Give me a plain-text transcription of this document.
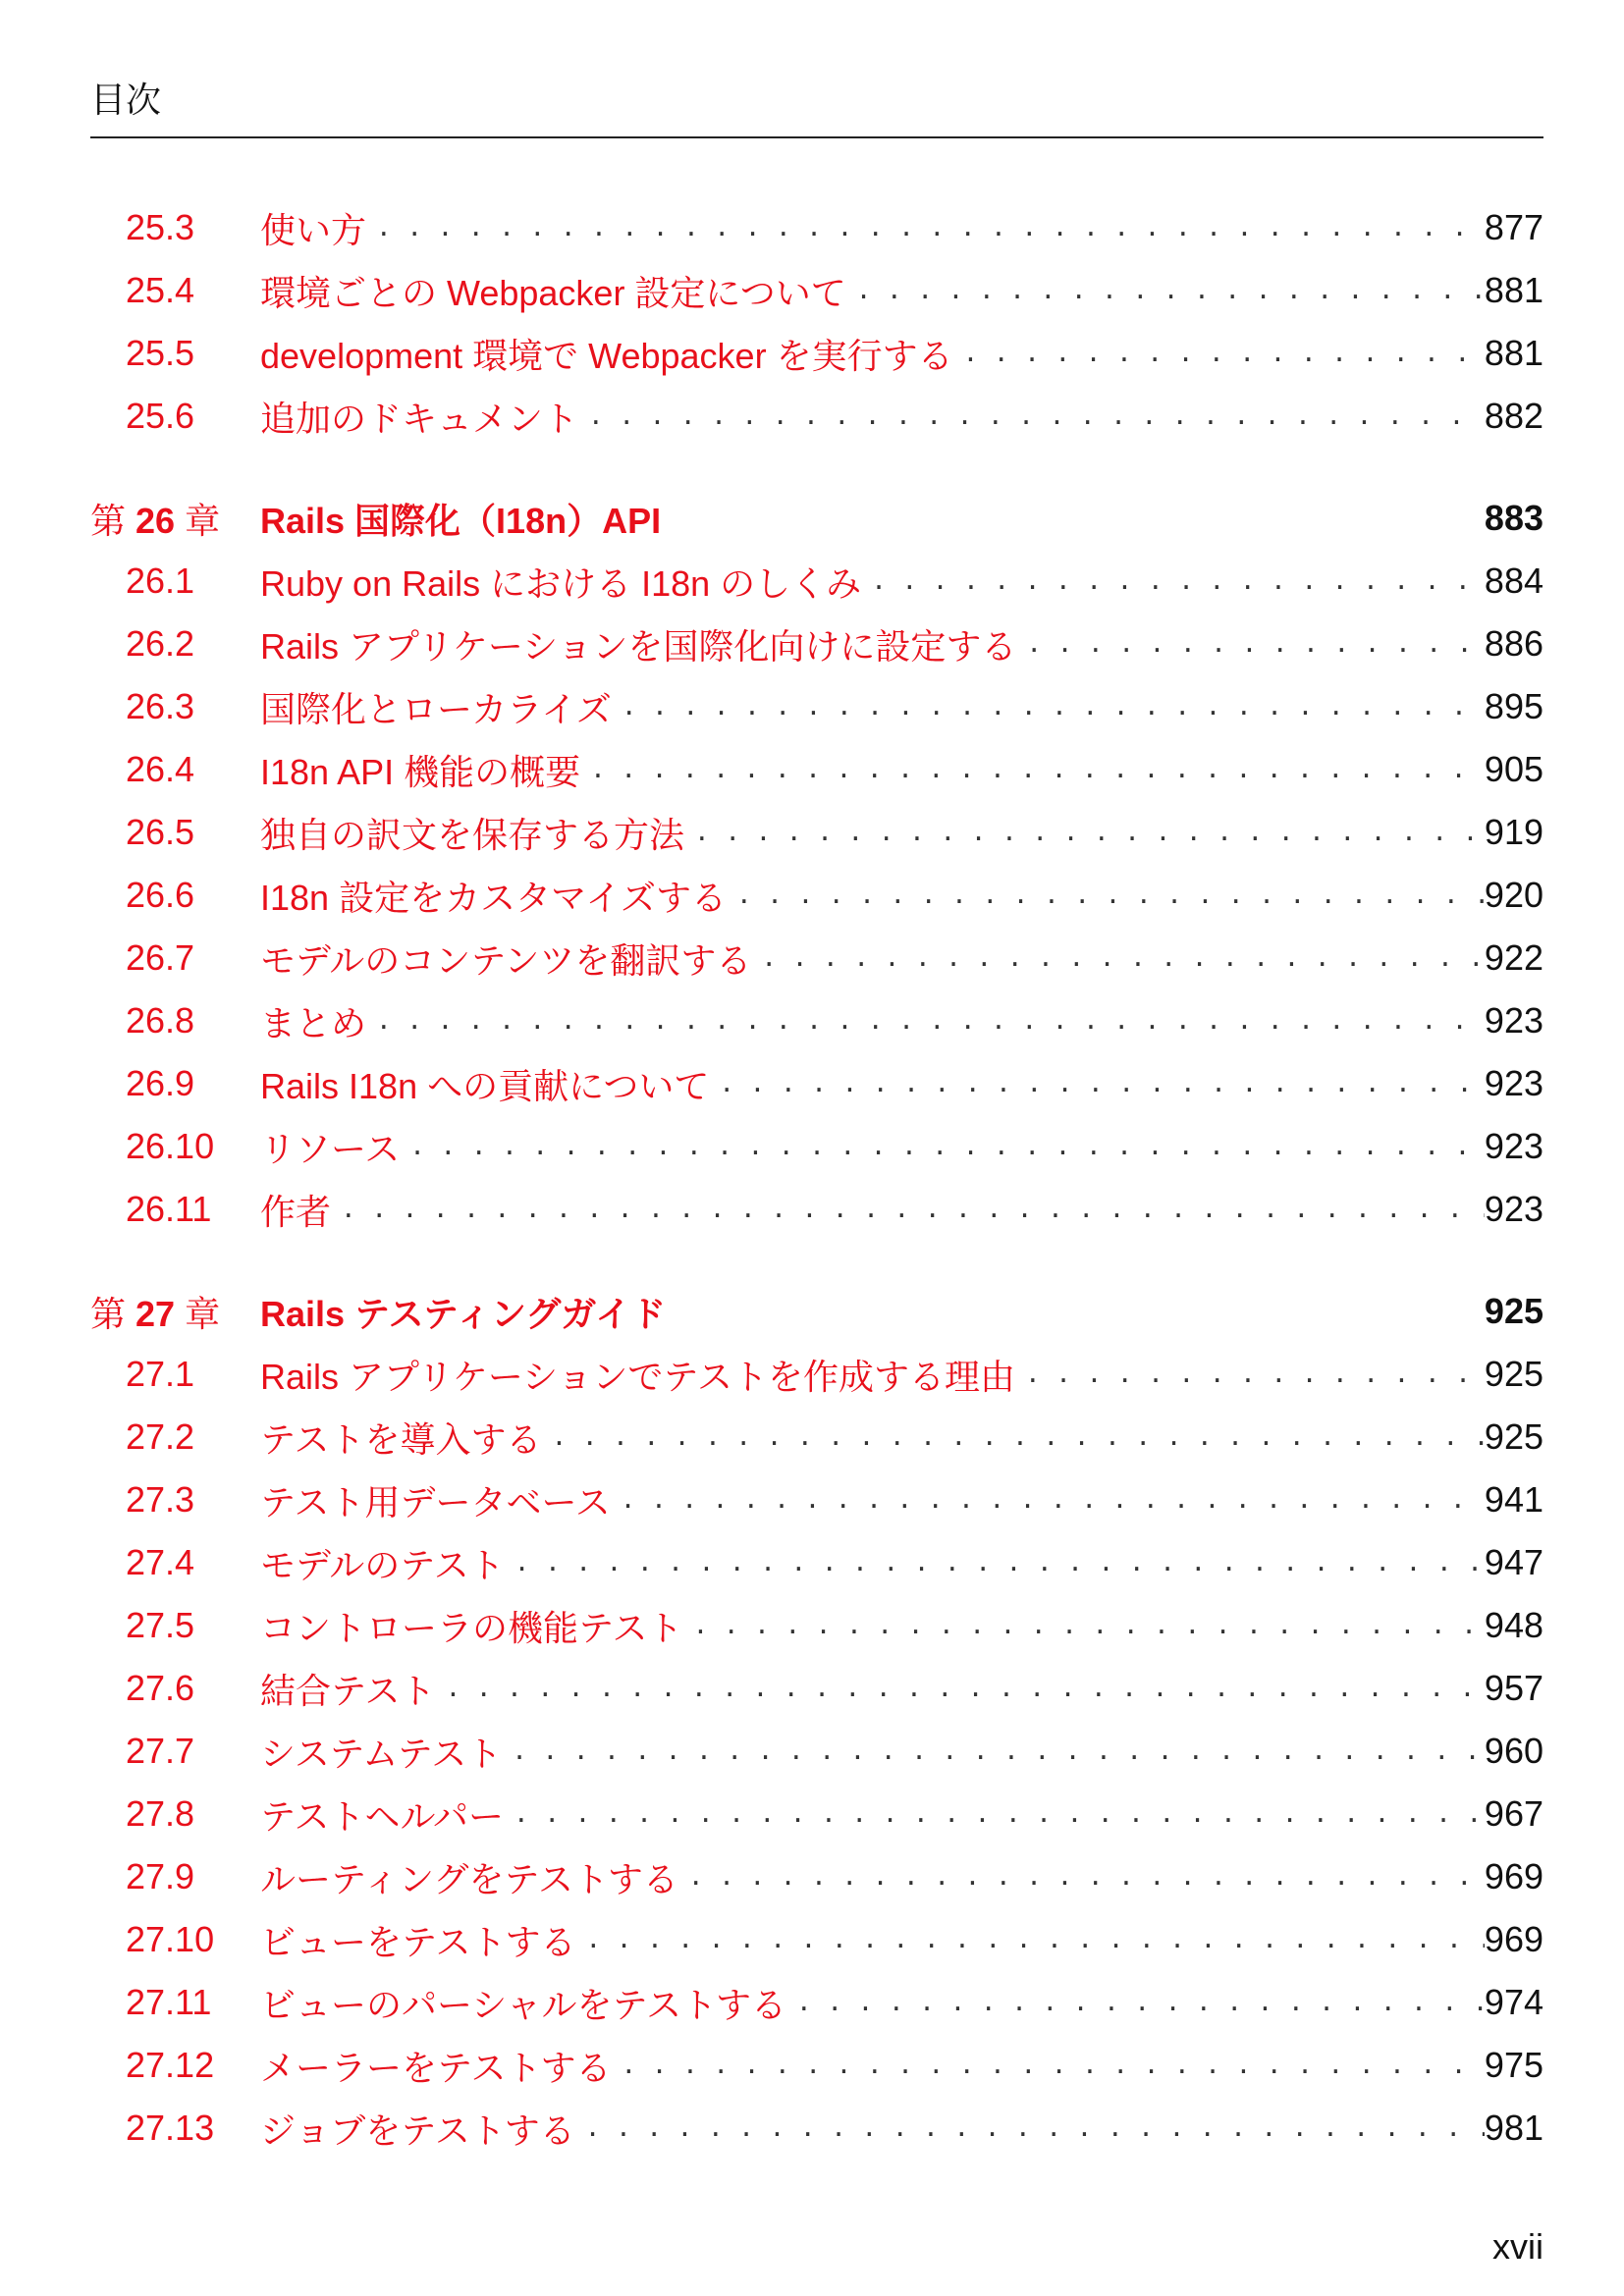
目次
25.3	使い方 . . .	877
25.4	環境ごとの Webpacker 設定について . . .	881
25.5	development 環境で Webpacker を実行する . . .	881
25.6	追加のドキュメント . . .	882
第 26 章	Rails 国際化（I18n）API	883
26.1	Ruby on Rails における I18n のしくみ . . .	884
26.2	Rails アプリケーションを国際化向けに設定する . . .	886
26.3	国際化とローカライズ . . .	895
26.4	I18n API 機能の概要 . . .	905
26.5	独自の訳文を保存する方法 . . .	919
26.6	I18n 設定をカスタマイズする . . .	920
26.7	モデルのコンテンツを翻訳する . . .	922
26.8	まとめ . . .	923
26.9	Rails I18n への貢献について . . .	923
26.10	リソース . . .	923
26.11	作者 . . .	923
第 27 章	Rails テスティングガイド	925
27.1	Rails アプリケーションでテストを作成する理由 . . .	925
27.2	テストを導入する . . .	925
27.3	テスト用データベース . . .	941
27.4	モデルのテスト . . .	947
27.5	コントローラの機能テスト . . .	948
27.6	結合テスト . . .	957
27.7	システムテスト . . .	960
27.8	テストヘルパー . . .	967
27.9	ルーティングをテストする . . .	969
27.10	ビューをテストする . . .	969
27.11	ビューのパーシャルをテストする . . .	974
27.12	メーラーをテストする . . .	975
27.13	ジョブをテストする . . .	981
xvii
